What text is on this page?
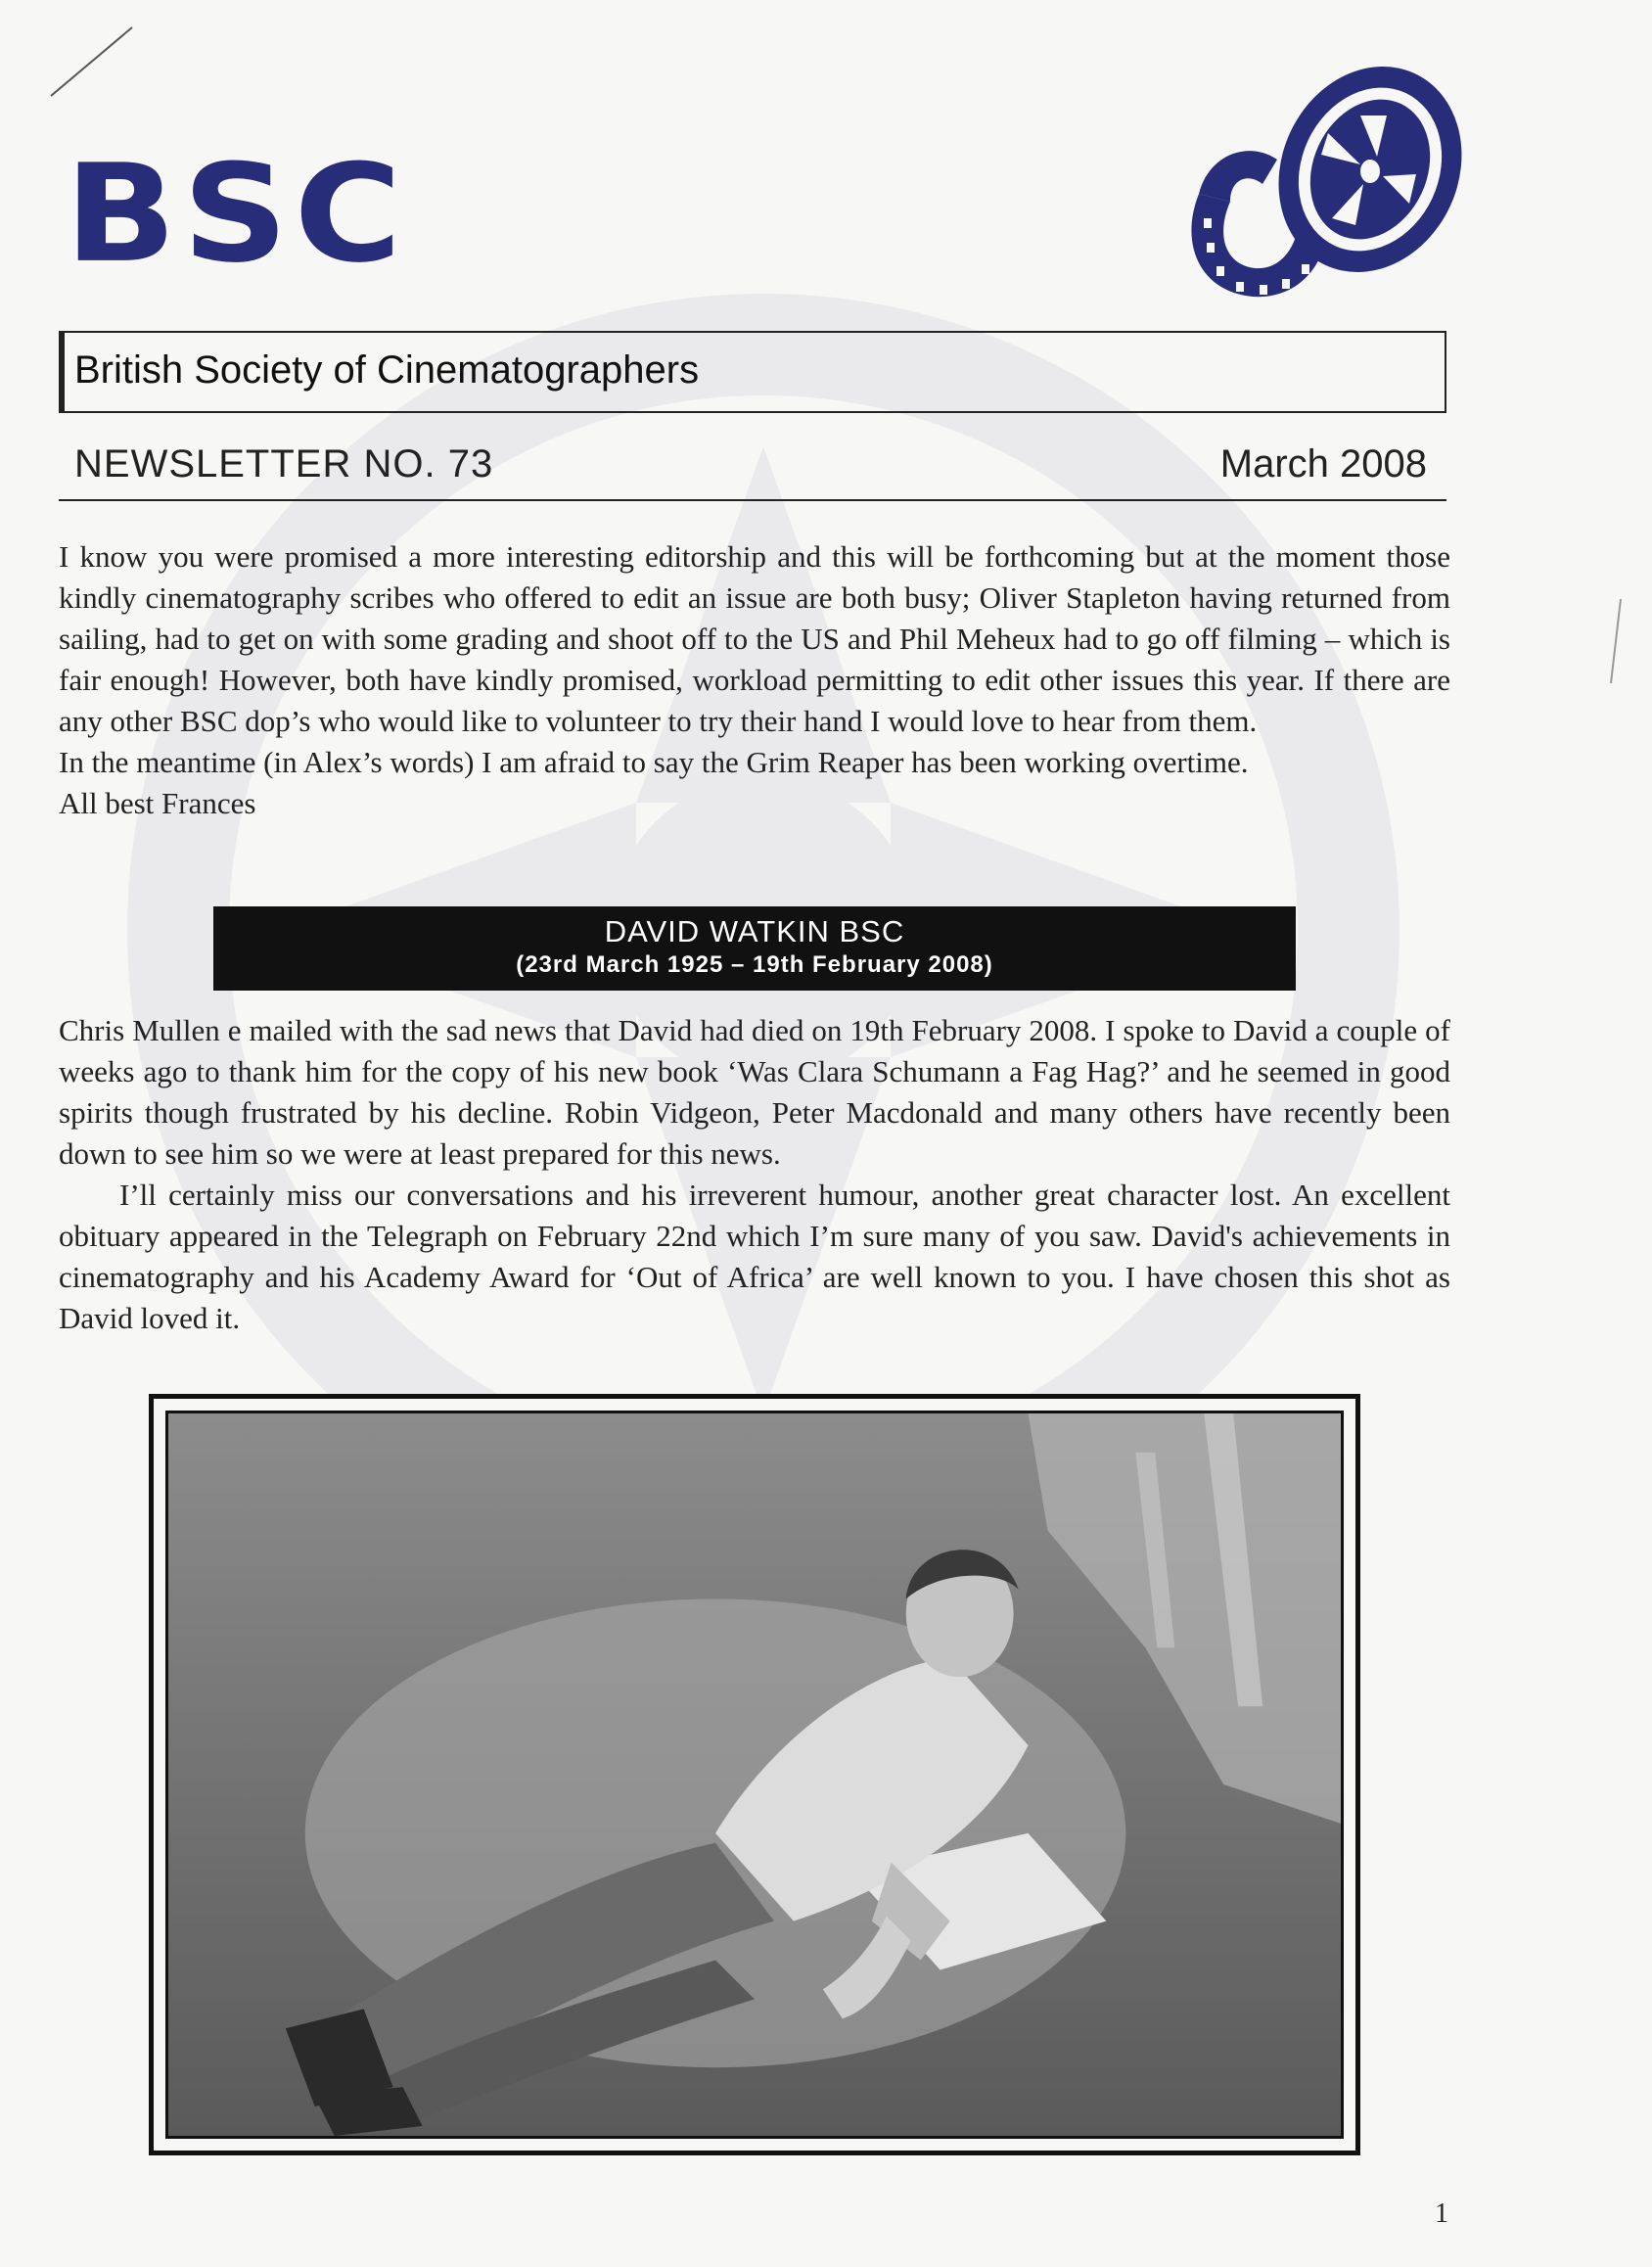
BSC
British Society of Cinematographers
NEWSLETTER NO. 73	March 2008

I know you were promised a more interesting editorship and this will be forthcoming but at the moment those kindly cinematography scribes who offered to edit an issue are both busy; Oliver Stapleton having returned from sailing, had to get on with some grading and shoot off to the US and Phil Meheux had to go off filming – which is fair enough! However, both have kindly promised, workload permitting to edit other issues this year. If there are any other BSC dop’s who would like to volunteer to try their hand I would love to hear from them.

In the meantime (in Alex’s words) I am afraid to say the Grim Reaper has been working overtime.

All best Frances

DAVID WATKIN BSC
(23rd March 1925 – 19th February 2008)

Chris Mullen e mailed with the sad news that David had died on 19th February 2008. I spoke to David a couple of weeks ago to thank him for the copy of his new book ‘Was Clara Schumann a Fag Hag?’ and he seemed in good spirits though frustrated by his decline. Robin Vidgeon, Peter Macdonald and many others have recently been down to see him so we were at least prepared for this news.

I’ll certainly miss our conversations and his irreverent humour, another great character lost. An excellent obituary appeared in the Telegraph on February 22nd which I’m sure many of you saw. David's achievements in cinematography and his Academy Award for ‘Out of Africa’ are well known to you. I have chosen this shot as David loved it.

1
